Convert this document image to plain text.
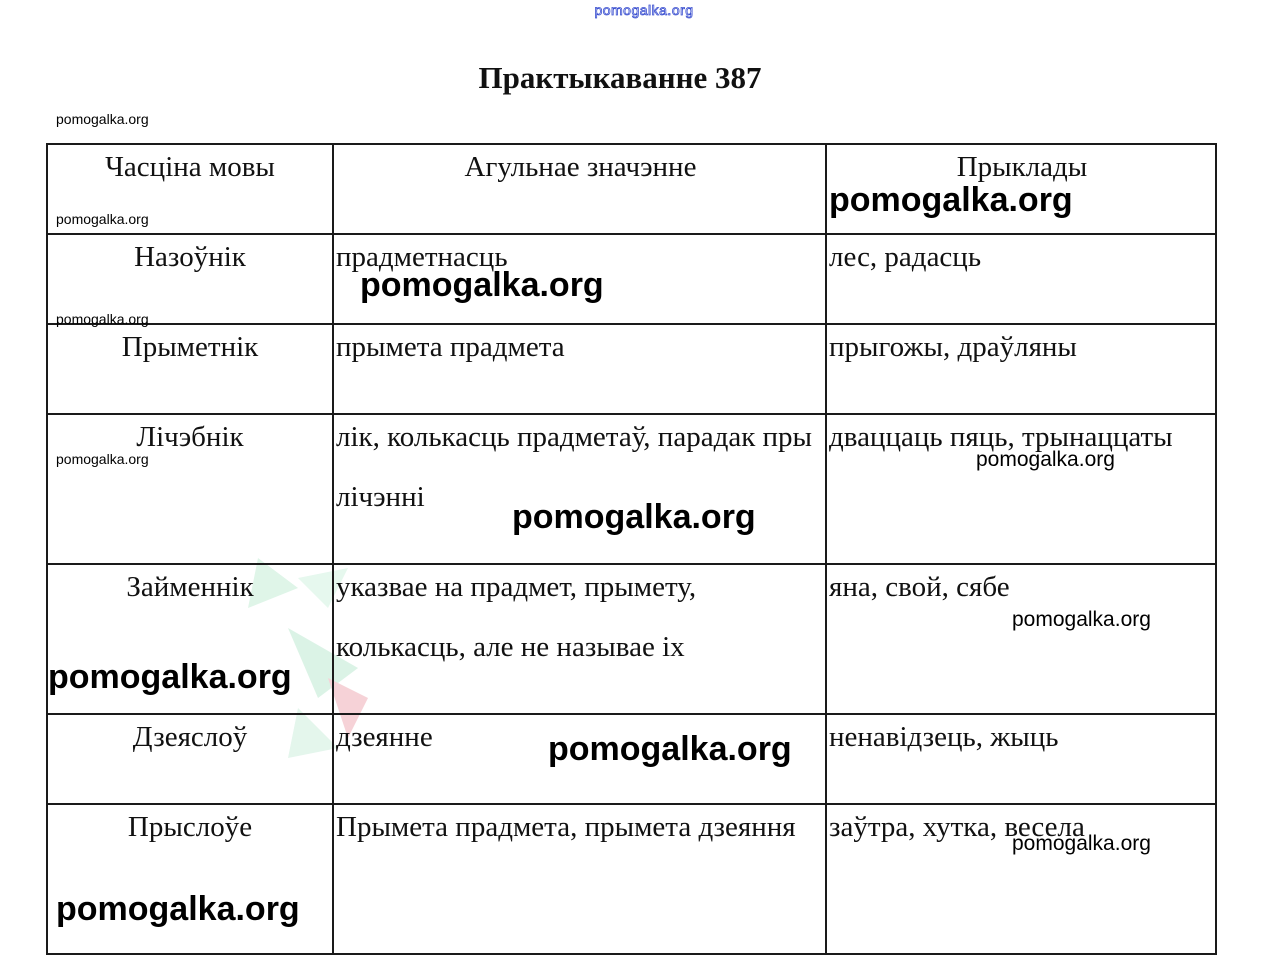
pomogalka.org
Практыкаванне 387
Часціна мовы	Агульнае значэнне	Прыклады

Назоўнік	прадметнасць	лес, радасць

Прыметнік	прымета прадмета	прыгожы, драўляны

Лічэбнік	лік, колькасць прадметаў, парадак пры лічэнні	дваццаць пяць, трынаццаты

Займеннік	указвае на прадмет, прымету, колькасць, але не называе іх	яна, свой, сябе

Дзеяслоў	дзеянне	ненавідзець, жыць

Прыслоўе	Прымета прадмета, прымета дзеяння	заўтра, хутка, весела
pomogalka.org
pomogalka.org
pomogalka.org
pomogalka.org
pomogalka.org
pomogalka.org
pomogalka.org
pomogalka.org
pomogalka.org
pomogalka.org
pomogalka.org
pomogalka.org
pomogalka.org
